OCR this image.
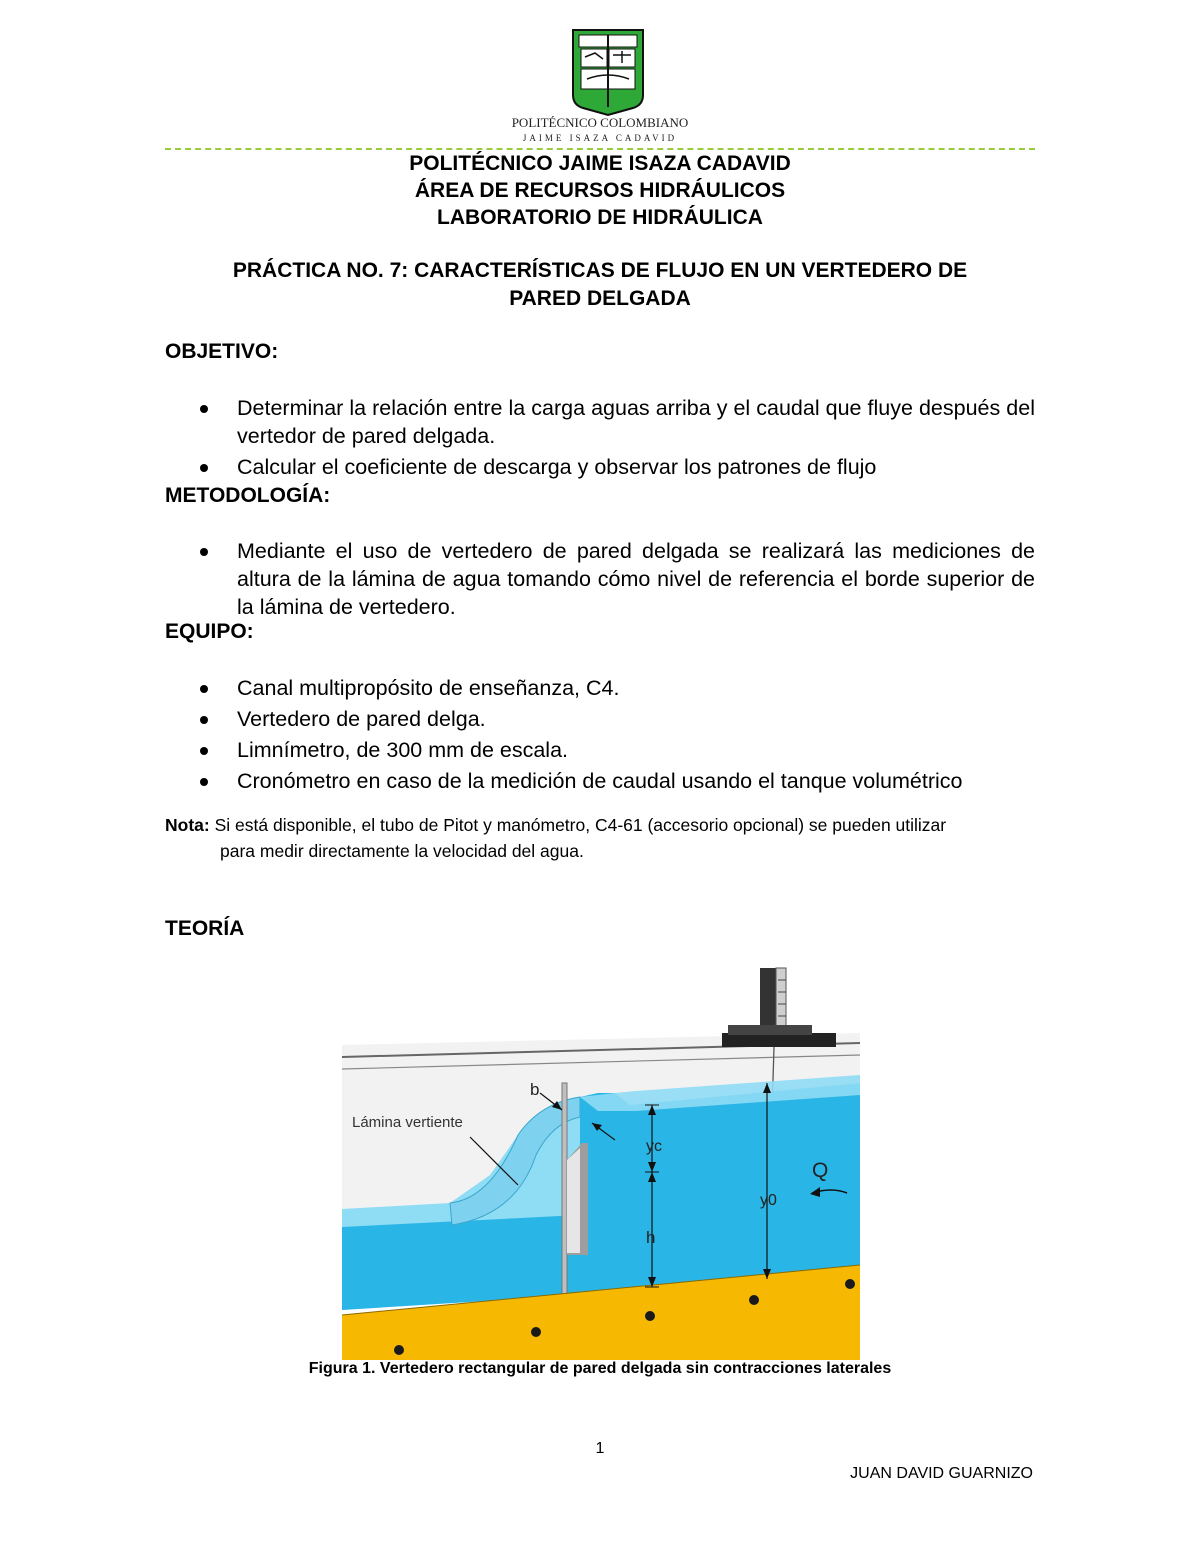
POLITÉCNICO COLOMBIANO
JAIME ISAZA CADAVID
POLITÉCNICO JAIME ISAZA CADAVID
ÁREA DE RECURSOS HIDRÁULICOS
LABORATORIO DE HIDRÁULICA
PRÁCTICA NO. 7: CARACTERÍSTICAS DE FLUJO EN UN VERTEDERO DE
PARED DELGADA
OBJETIVO:
Determinar la relación entre la carga aguas arriba y el caudal que fluye después del vertedor de pared delgada.
Calcular el coeficiente de descarga y observar los patrones de flujo
METODOLOGÍA:
Mediante el uso de vertedero de pared delgada se realizará las mediciones de altura de la lámina de agua tomando cómo nivel de referencia el borde superior de la lámina de vertedero.
EQUIPO:
Canal multipropósito de enseñanza, C4.
Vertedero de pared delga.
Limnímetro, de 300 mm de escala.
Cronómetro en caso de la medición de caudal usando el tanque volumétrico
Nota: Si está disponible, el tubo de Pitot y manómetro, C4-61 (accesorio opcional) se pueden utilizar
para medir directamente la velocidad del agua.
TEORÍA
b
Lámina vertiente
yc
y0
h
Q
Figura 1. Vertedero rectangular de pared delgada sin contracciones laterales
1
JUAN DAVID GUARNIZO
